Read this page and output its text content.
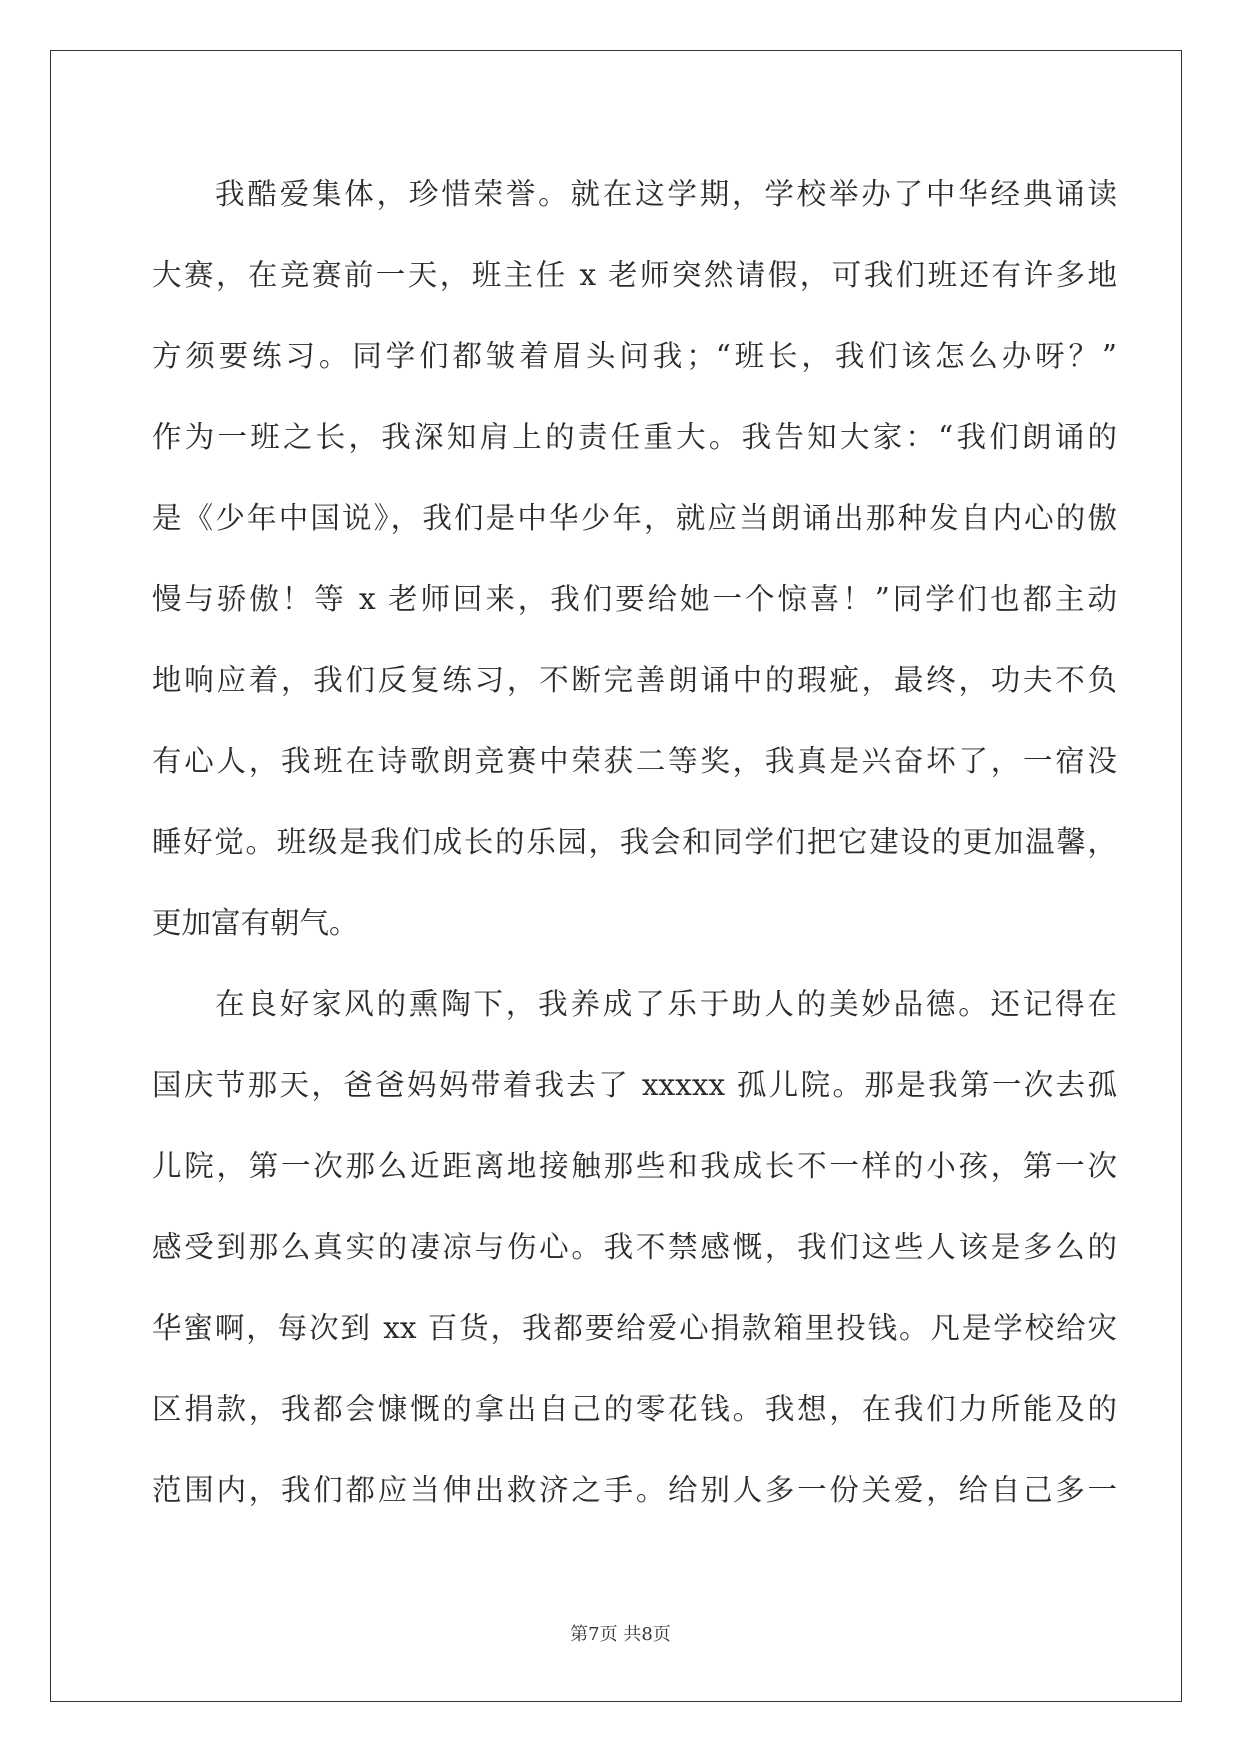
我酷爱集体，珍惜荣誉。就在这学期，学校举办了中华经典诵读
大赛，在竞赛前一天，班主任 x 老师突然请假，可我们班还有许多地
方须要练习。同学们都皱着眉头问我；“班长，我们该怎么办呀？”
作为一班之长，我深知肩上的责任重大。我告知大家：“我们朗诵的
是《少年中国说》，我们是中华少年，就应当朗诵出那种发自内心的傲
慢与骄傲！等 x 老师回来，我们要给她一个惊喜！”同学们也都主动
地响应着，我们反复练习，不断完善朗诵中的瑕疵，最终，功夫不负
有心人，我班在诗歌朗竞赛中荣获二等奖，我真是兴奋坏了，一宿没
睡好觉。班级是我们成长的乐园，我会和同学们把它建设的更加温馨，
更加富有朝气。
在良好家风的熏陶下，我养成了乐于助人的美妙品德。还记得在
国庆节那天，爸爸妈妈带着我去了 xxxxx 孤儿院。那是我第一次去孤
儿院，第一次那么近距离地接触那些和我成长不一样的小孩，第一次
感受到那么真实的凄凉与伤心。我不禁感慨，我们这些人该是多么的
华蜜啊，每次到 xx 百货，我都要给爱心捐款箱里投钱。凡是学校给灾
区捐款，我都会慷慨的拿出自己的零花钱。我想，在我们力所能及的
范围内，我们都应当伸出救济之手。给别人多一份关爱，给自己多一
第7页 共8页
